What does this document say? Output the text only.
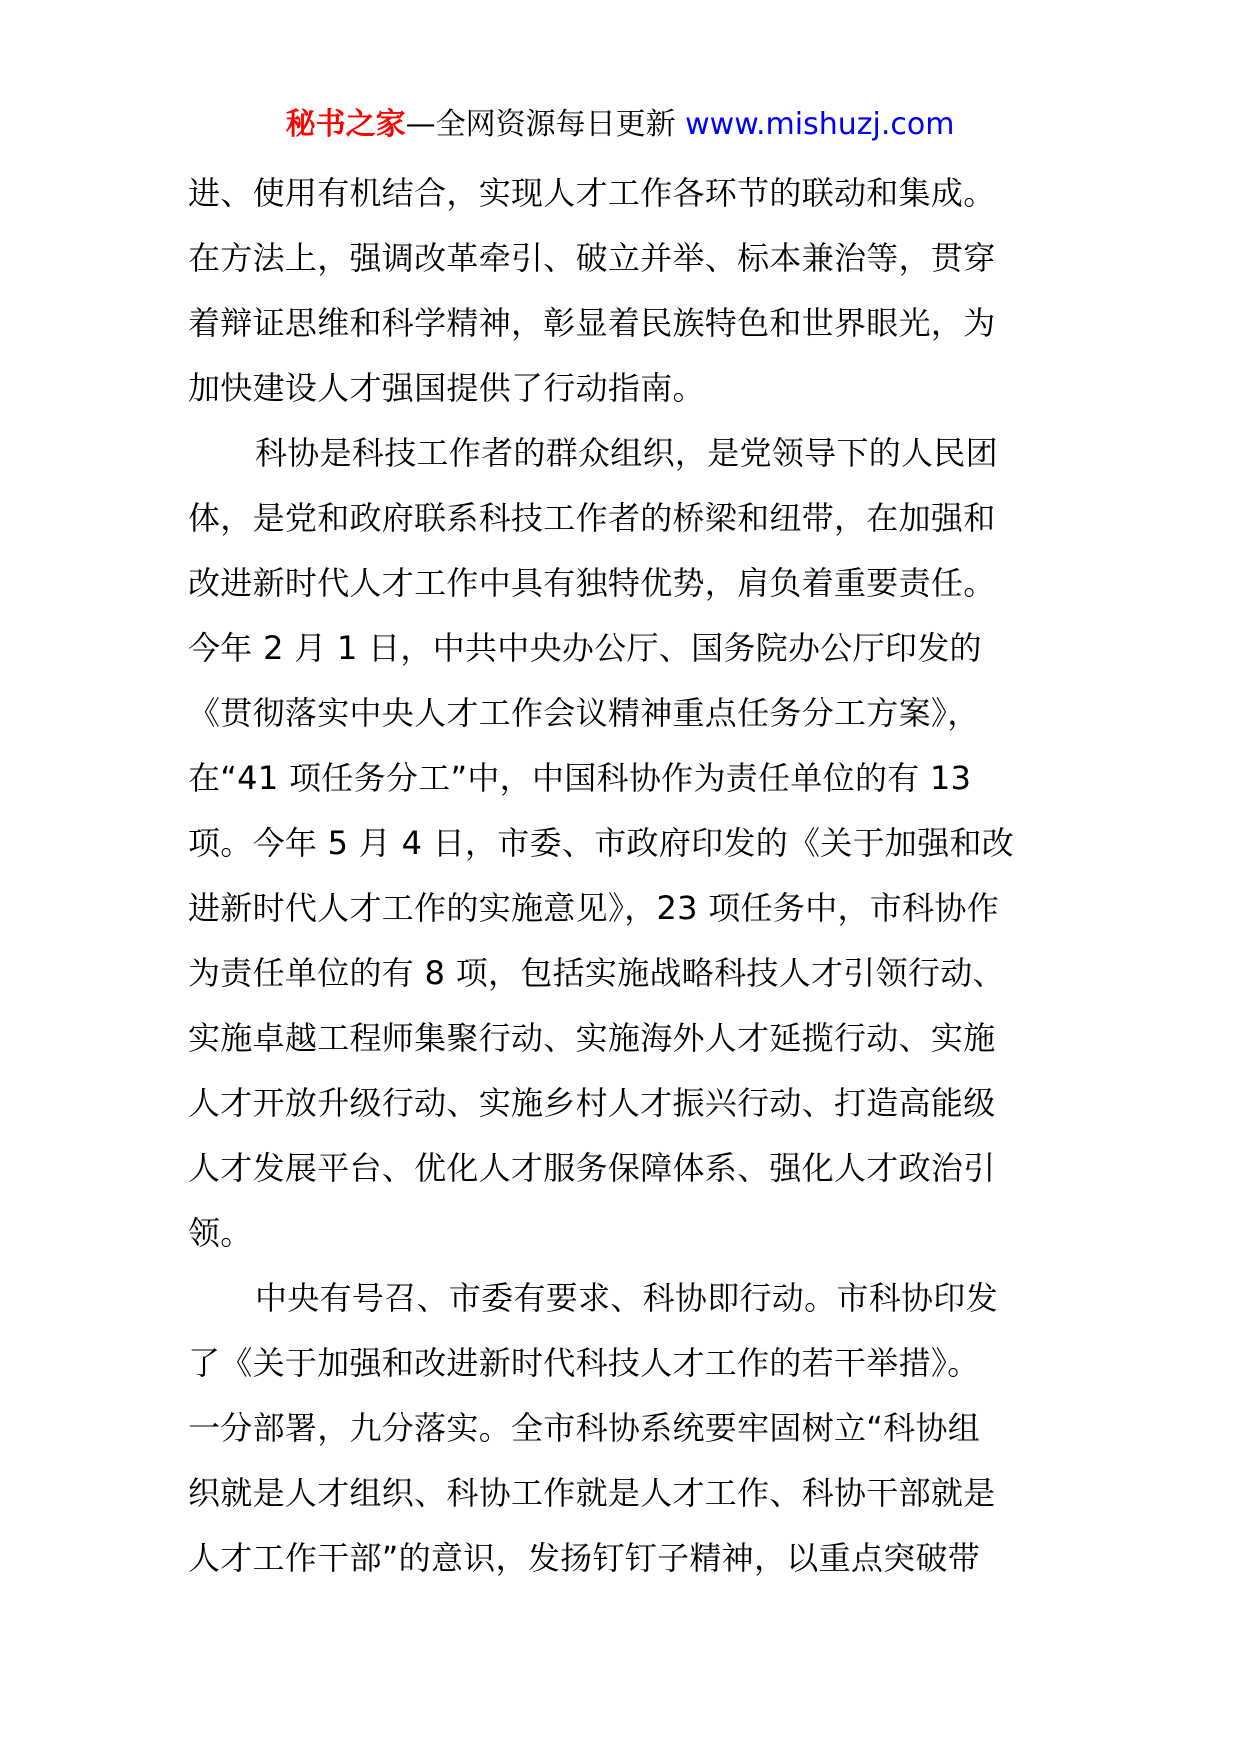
秘书之家—全网资源每日更新 www.mishuzj.com
进、使用有机结合，实现人才工作各环节的联动和集成。
在方法上，强调改革牵引、破立并举、标本兼治等，贯穿
着辩证思维和科学精神，彰显着民族特色和世界眼光，为
加快建设人才强国提供了行动指南。
科协是科技工作者的群众组织，是党领导下的人民团
体，是党和政府联系科技工作者的桥梁和纽带，在加强和
改进新时代人才工作中具有独特优势，肩负着重要责任。
今年 2 月 1 日，中共中央办公厅、国务院办公厅印发的
《贯彻落实中央人才工作会议精神重点任务分工方案》，
在“41 项任务分工”中，中国科协作为责任单位的有 13
项。今年 5 月 4 日，市委、市政府印发的《关于加强和改
进新时代人才工作的实施意见》，23 项任务中，市科协作
为责任单位的有 8 项，包括实施战略科技人才引领行动、
实施卓越工程师集聚行动、实施海外人才延揽行动、实施
人才开放升级行动、实施乡村人才振兴行动、打造高能级
人才发展平台、优化人才服务保障体系、强化人才政治引
领。
中央有号召、市委有要求、科协即行动。市科协印发
了《关于加强和改进新时代科技人才工作的若干举措》。
一分部署，九分落实。全市科协系统要牢固树立“科协组
织就是人才组织、科协工作就是人才工作、科协干部就是
人才工作干部”的意识，发扬钉钉子精神，以重点突破带
